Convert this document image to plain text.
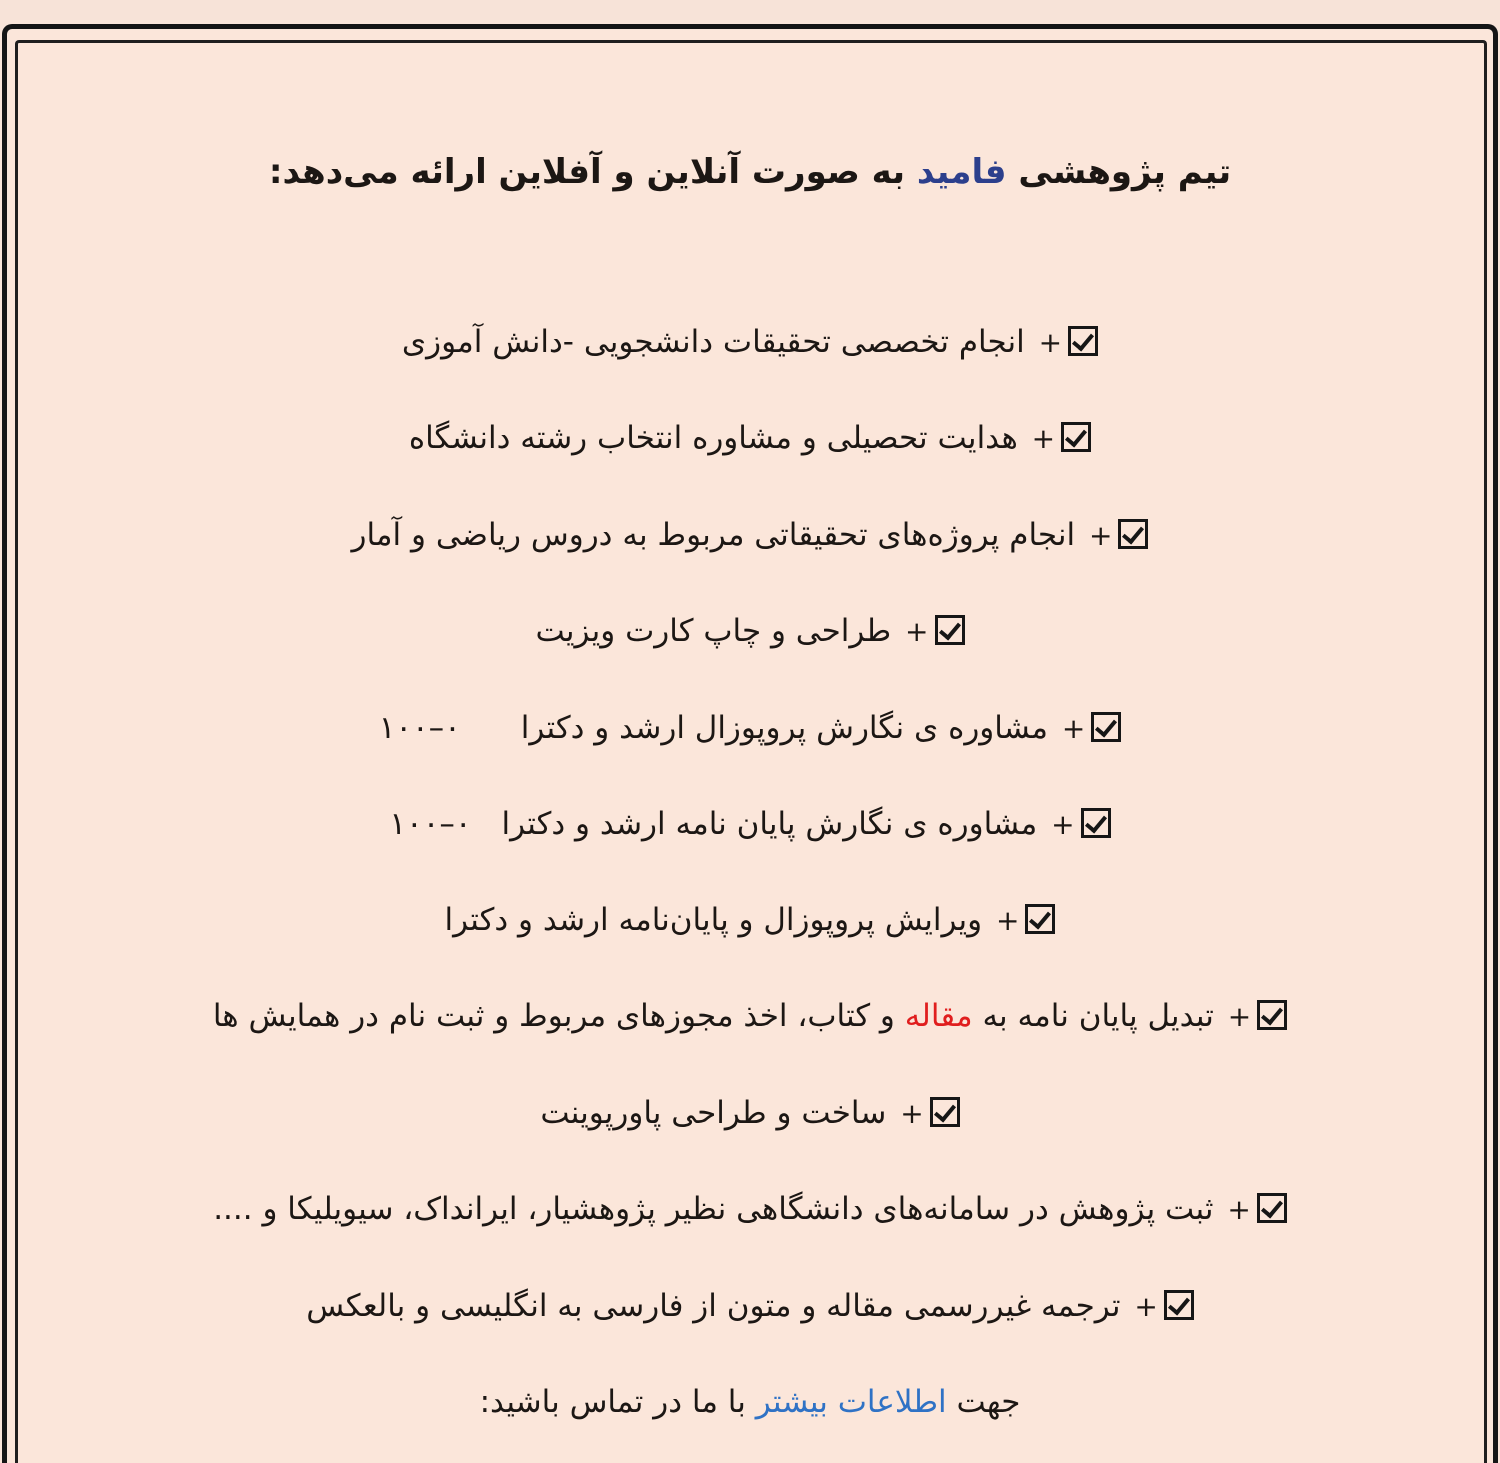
تیم پژوهشی فامید به صورت آنلاین و آفلاین ارائه می‌دهد:
+ انجام تخصصی تحقیقات دانشجویی -دانش آموزی
+ هدایت تحصیلی و مشاوره انتخاب رشته دانشگاه
+ انجام پروژه‌های تحقیقاتی مربوط به دروس ریاضی و آمار
+ طراحی و چاپ کارت ویزیت
+ مشاوره ی نگارش پروپوزال ارشد و دکترا۰–۱۰۰
+ مشاوره ی نگارش پایان نامه ارشد و دکترا۰–۱۰۰
+ ویرایش پروپوزال و پایان‌نامه ارشد و دکترا
+ تبدیل پایان نامه به مقاله و کتاب، اخذ مجوزهای مربوط و ثبت نام در همایش ها
+ ساخت و طراحی پاورپوینت
+ ثبت پژوهش در سامانه‌های دانشگاهی نظیر پژوهشیار، ایرانداک، سیویلیکا و ....
+ ترجمه غیررسمی مقاله و متون از فارسی به انگلیسی و بالعکس
جهت اطلاعات بیشتر با ما در تماس باشید:
